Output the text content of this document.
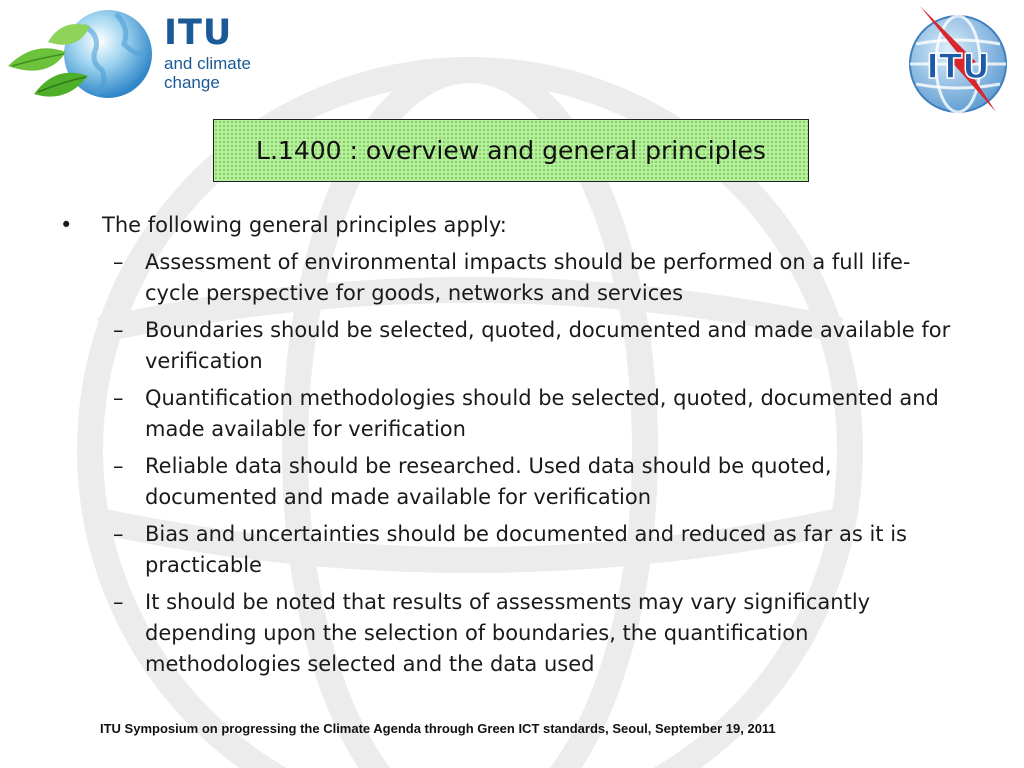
ITU
and climate
change	ITU
L.1400 : overview and general principles
•	The following general principles apply:
–	Assessment of environmental impacts should be performed on a full life-cycle perspective for goods, networks and services
–	Boundaries should be selected, quoted, documented and made available for verification
–	Quantification methodologies should be selected, quoted, documented and made available for verification
–	Reliable data should be researched. Used data should be quoted, documented and made available for verification
–	Bias and uncertainties should be documented and reduced as far as it is practicable
–	It should be noted that results of assessments may vary significantly depending upon the selection of boundaries, the quantification methodologies selected and the data used
ITU Symposium on progressing the Climate Agenda through Green ICT standards, Seoul, September 19, 2011
